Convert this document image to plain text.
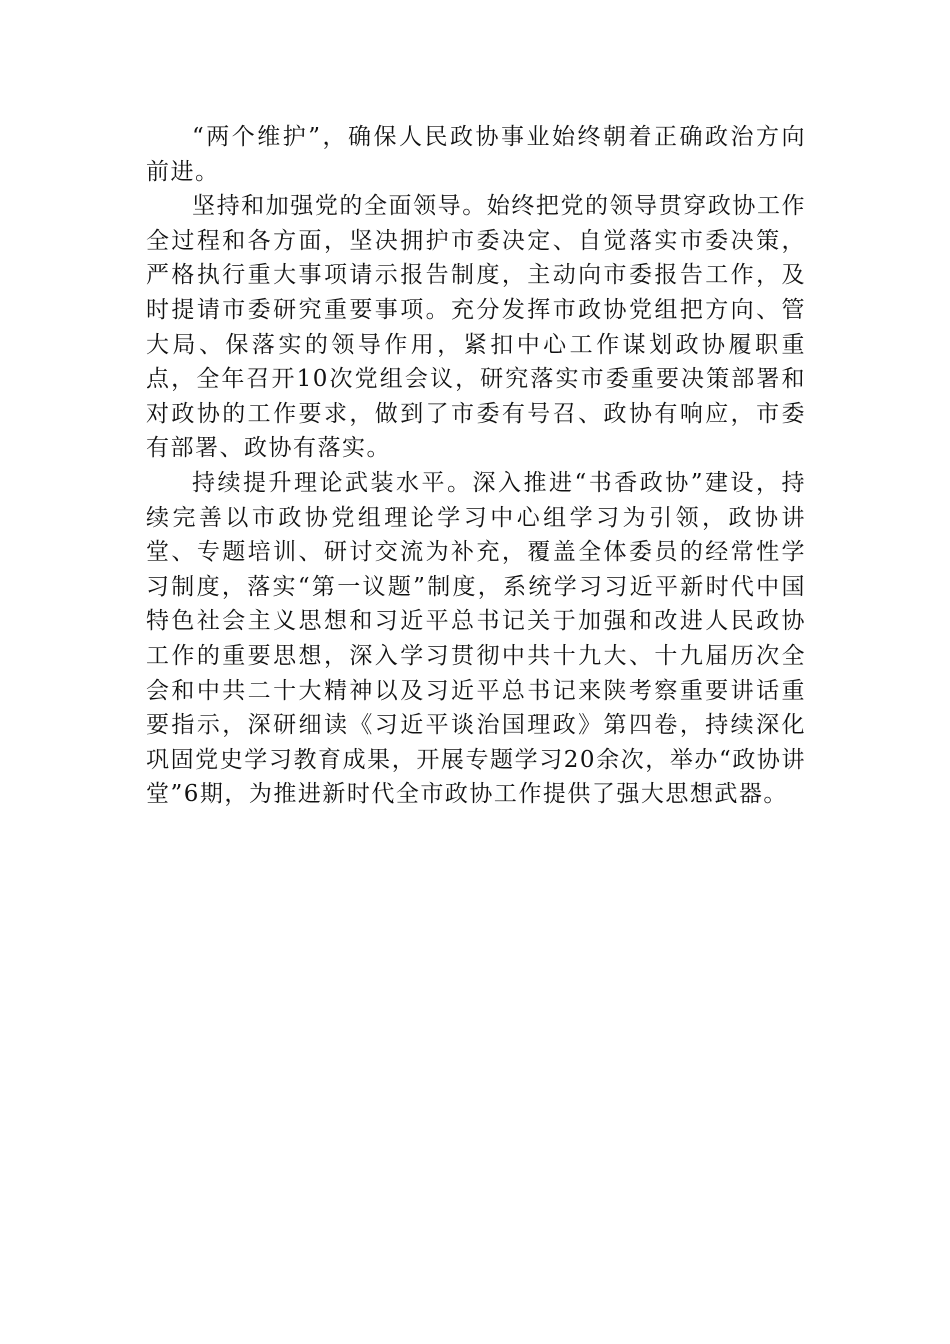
“两个维护”，确保人民政协事业始终朝着正确政治方向前进。

坚持和加强党的全面领导。始终把党的领导贯穿政协工作全过程和各方面，坚决拥护市委决定、自觉落实市委决策，严格执行重大事项请示报告制度，主动向市委报告工作，及时提请市委研究重要事项。充分发挥市政协党组把方向、管大局、保落实的领导作用，紧扣中心工作谋划政协履职重点，全年召开10次党组会议，研究落实市委重要决策部署和对政协的工作要求，做到了市委有号召、政协有响应，市委有部署、政协有落实。

持续提升理论武装水平。深入推进“书香政协”建设，持续完善以市政协党组理论学习中心组学习为引领，政协讲堂、专题培训、研讨交流为补充，覆盖全体委员的经常性学习制度，落实“第一议题”制度，系统学习习近平新时代中国特色社会主义思想和习近平总书记关于加强和改进人民政协工作的重要思想，深入学习贯彻中共十九大、十九届历次全会和中共二十大精神以及习近平总书记来陕考察重要讲话重要指示，深研细读《习近平谈治国理政》第四卷，持续深化巩固党史学习教育成果，开展专题学习20余次，举办“政协讲堂”6期，为推进新时代全市政协工作提供了强大思想武器。
